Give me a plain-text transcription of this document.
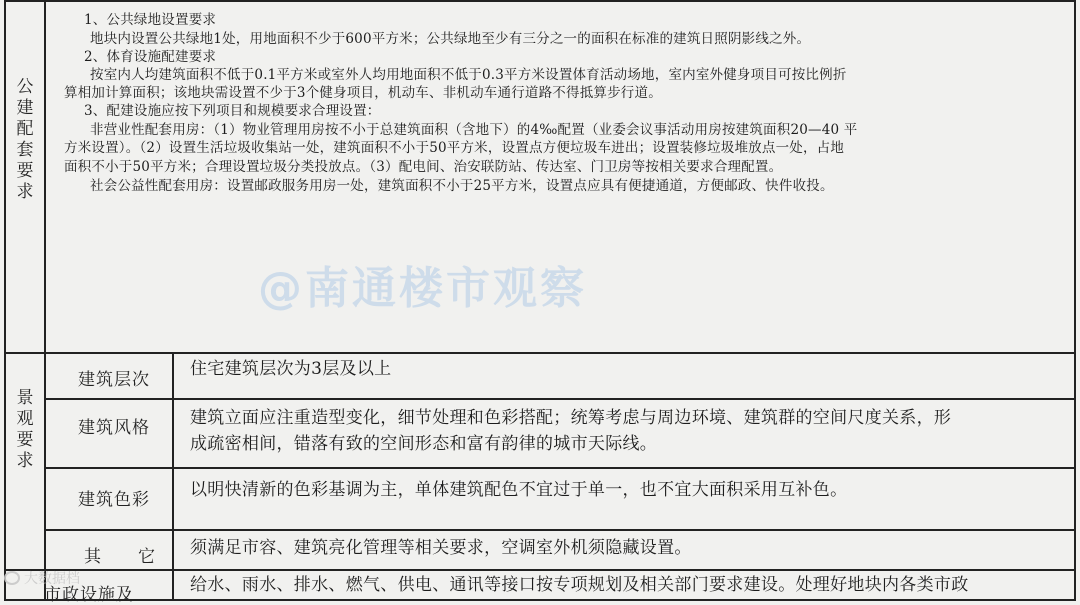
公
建
配
套
要
求
1、公共绿地设置要求
地块内设置公共绿地1处，用地面积不少于600平方米；公共绿地至少有三分之一的面积在标准的建筑日照阴影线之外。
2、体育设施配建要求
按室内人均建筑面积不低于0.1平方米或室外人均用地面积不低于0.3平方米设置体育活动场地，室内室外健身项目可按比例折
算相加计算面积；该地块需设置不少于3个健身项目，机动车、非机动车通行道路不得抵算步行道。
3、配建设施应按下列项目和规模要求合理设置：
非营业性配套用房：（1）物业管理用房按不小于总建筑面积（含地下）的4‰配置（业委会议事活动用房按建筑面积20—40 平
方米设置）。（2）设置生活垃圾收集站一处，建筑面积不小于50平方米，设置点方便垃圾车进出；设置装修垃圾堆放点一处，占地
面积不小于50平方米；合理设置垃圾分类投放点。（3）配电间、治安联防站、传达室、门卫房等按相关要求合理配置。
社会公益性配套用房：设置邮政服务用房一处，建筑面积不小于25平方米，设置点应具有便捷通道，方便邮政、快件收投。
@南通楼市观察
景
观
要
求
建筑层次
住宅建筑层次为3层及以上
建筑风格 建筑立面应注重造型变化，细节处理和色彩搭配；统筹考虑与周边环境、建筑群的空间尺度关系，形
成疏密相间，错落有致的空间形态和富有韵律的城市天际线。
建筑色彩 以明快清新的色彩基调为主，单体建筑配色不宜过于单一，也不宜大面积采用互补色。
其　　它 须满足市容、建筑亮化管理等相关要求，空调室外机须隐藏设置。
市政设施及	给水、雨水、排水、燃气、供电、通讯等接口按专项规划及相关部门要求建设。处理好地块内各类市政
大数据档
